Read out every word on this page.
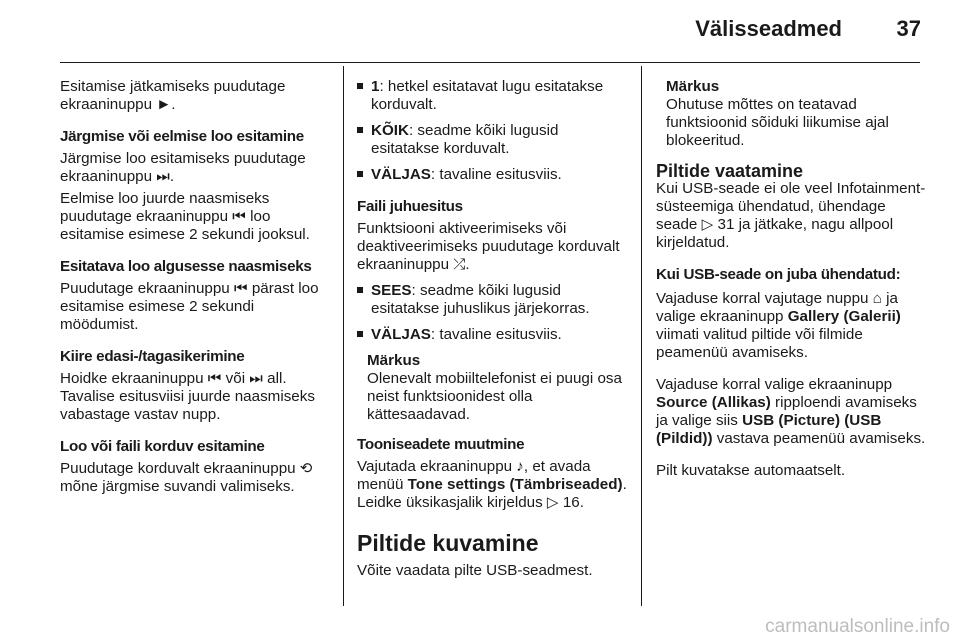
Välisseadmed 37

Esitamise jätkamiseks puudutage ekraaninuppu ►.

Järgmise või eelmise loo esitamine

Järgmise loo esitamiseks puudutage ekraaninuppu ⏭.

Eelmise loo juurde naasmiseks puudutage ekraaninuppu ⏮ loo esitamise esimese 2 sekundi jooksul.

Esitatava loo algusesse naasmiseks

Puudutage ekraaninuppu ⏮ pärast loo esitamise esimese 2 sekundi möödumist.

Kiire edasi-/tagasikerimine

Hoidke ekraaninuppu ⏮ või ⏭ all. Tavalise esitusviisi juurde naasmiseks vabastage vastav nupp.

Loo või faili korduv esitamine

Puudutage korduvalt ekraaninuppu ⟲ mõne järgmise suvandi valimiseks.

1: hetkel esitatavat lugu esitatakse korduvalt.
KÕIK: seadme kõiki lugusid esitatakse korduvalt.
VÄLJAS: tavaline esitusviis.

Faili juhuesitus

Funktsiooni aktiveerimiseks või deaktiveerimiseks puudutage korduvalt ekraaninuppu ⤮.

SEES: seadme kõiki lugusid esitatakse juhuslikus järjekorras.
VÄLJAS: tavaline esitusviis.
Märkus
Olenevalt mobiiltelefonist ei puugi osa neist funktsioonidest olla kättesaadavad.

Tooniseadete muutmine

Vajutada ekraaninuppu ♪, et avada menüü Tone settings (Tämbriseaded). Leidke üksikasjalik kirjeldus ▷ 16.

Piltide kuvamine

Võite vaadata pilte USB-seadmest.

Märkus
Ohutuse mõttes on teatavad funktsioonid sõiduki liikumise ajal blokeeritud.
Piltide vaatamine

Kui USB-seade ei ole veel Infotainment-süsteemiga ühendatud, ühendage seade ▷ 31 ja jätkake, nagu allpool kirjeldatud.

Kui USB-seade on juba ühendatud:

Vajaduse korral vajutage nuppu ⌂ ja valige ekraaninupp Gallery (Galerii) viimati valitud piltide või filmide peamenüü avamiseks.

Vajaduse korral valige ekraaninupp Source (Allikas) ripploendi avamiseks ja valige siis USB (Picture) (USB (Pildid)) vastava peamenüü avamiseks.

Pilt kuvatakse automaatselt.

carmanualsonline.info
